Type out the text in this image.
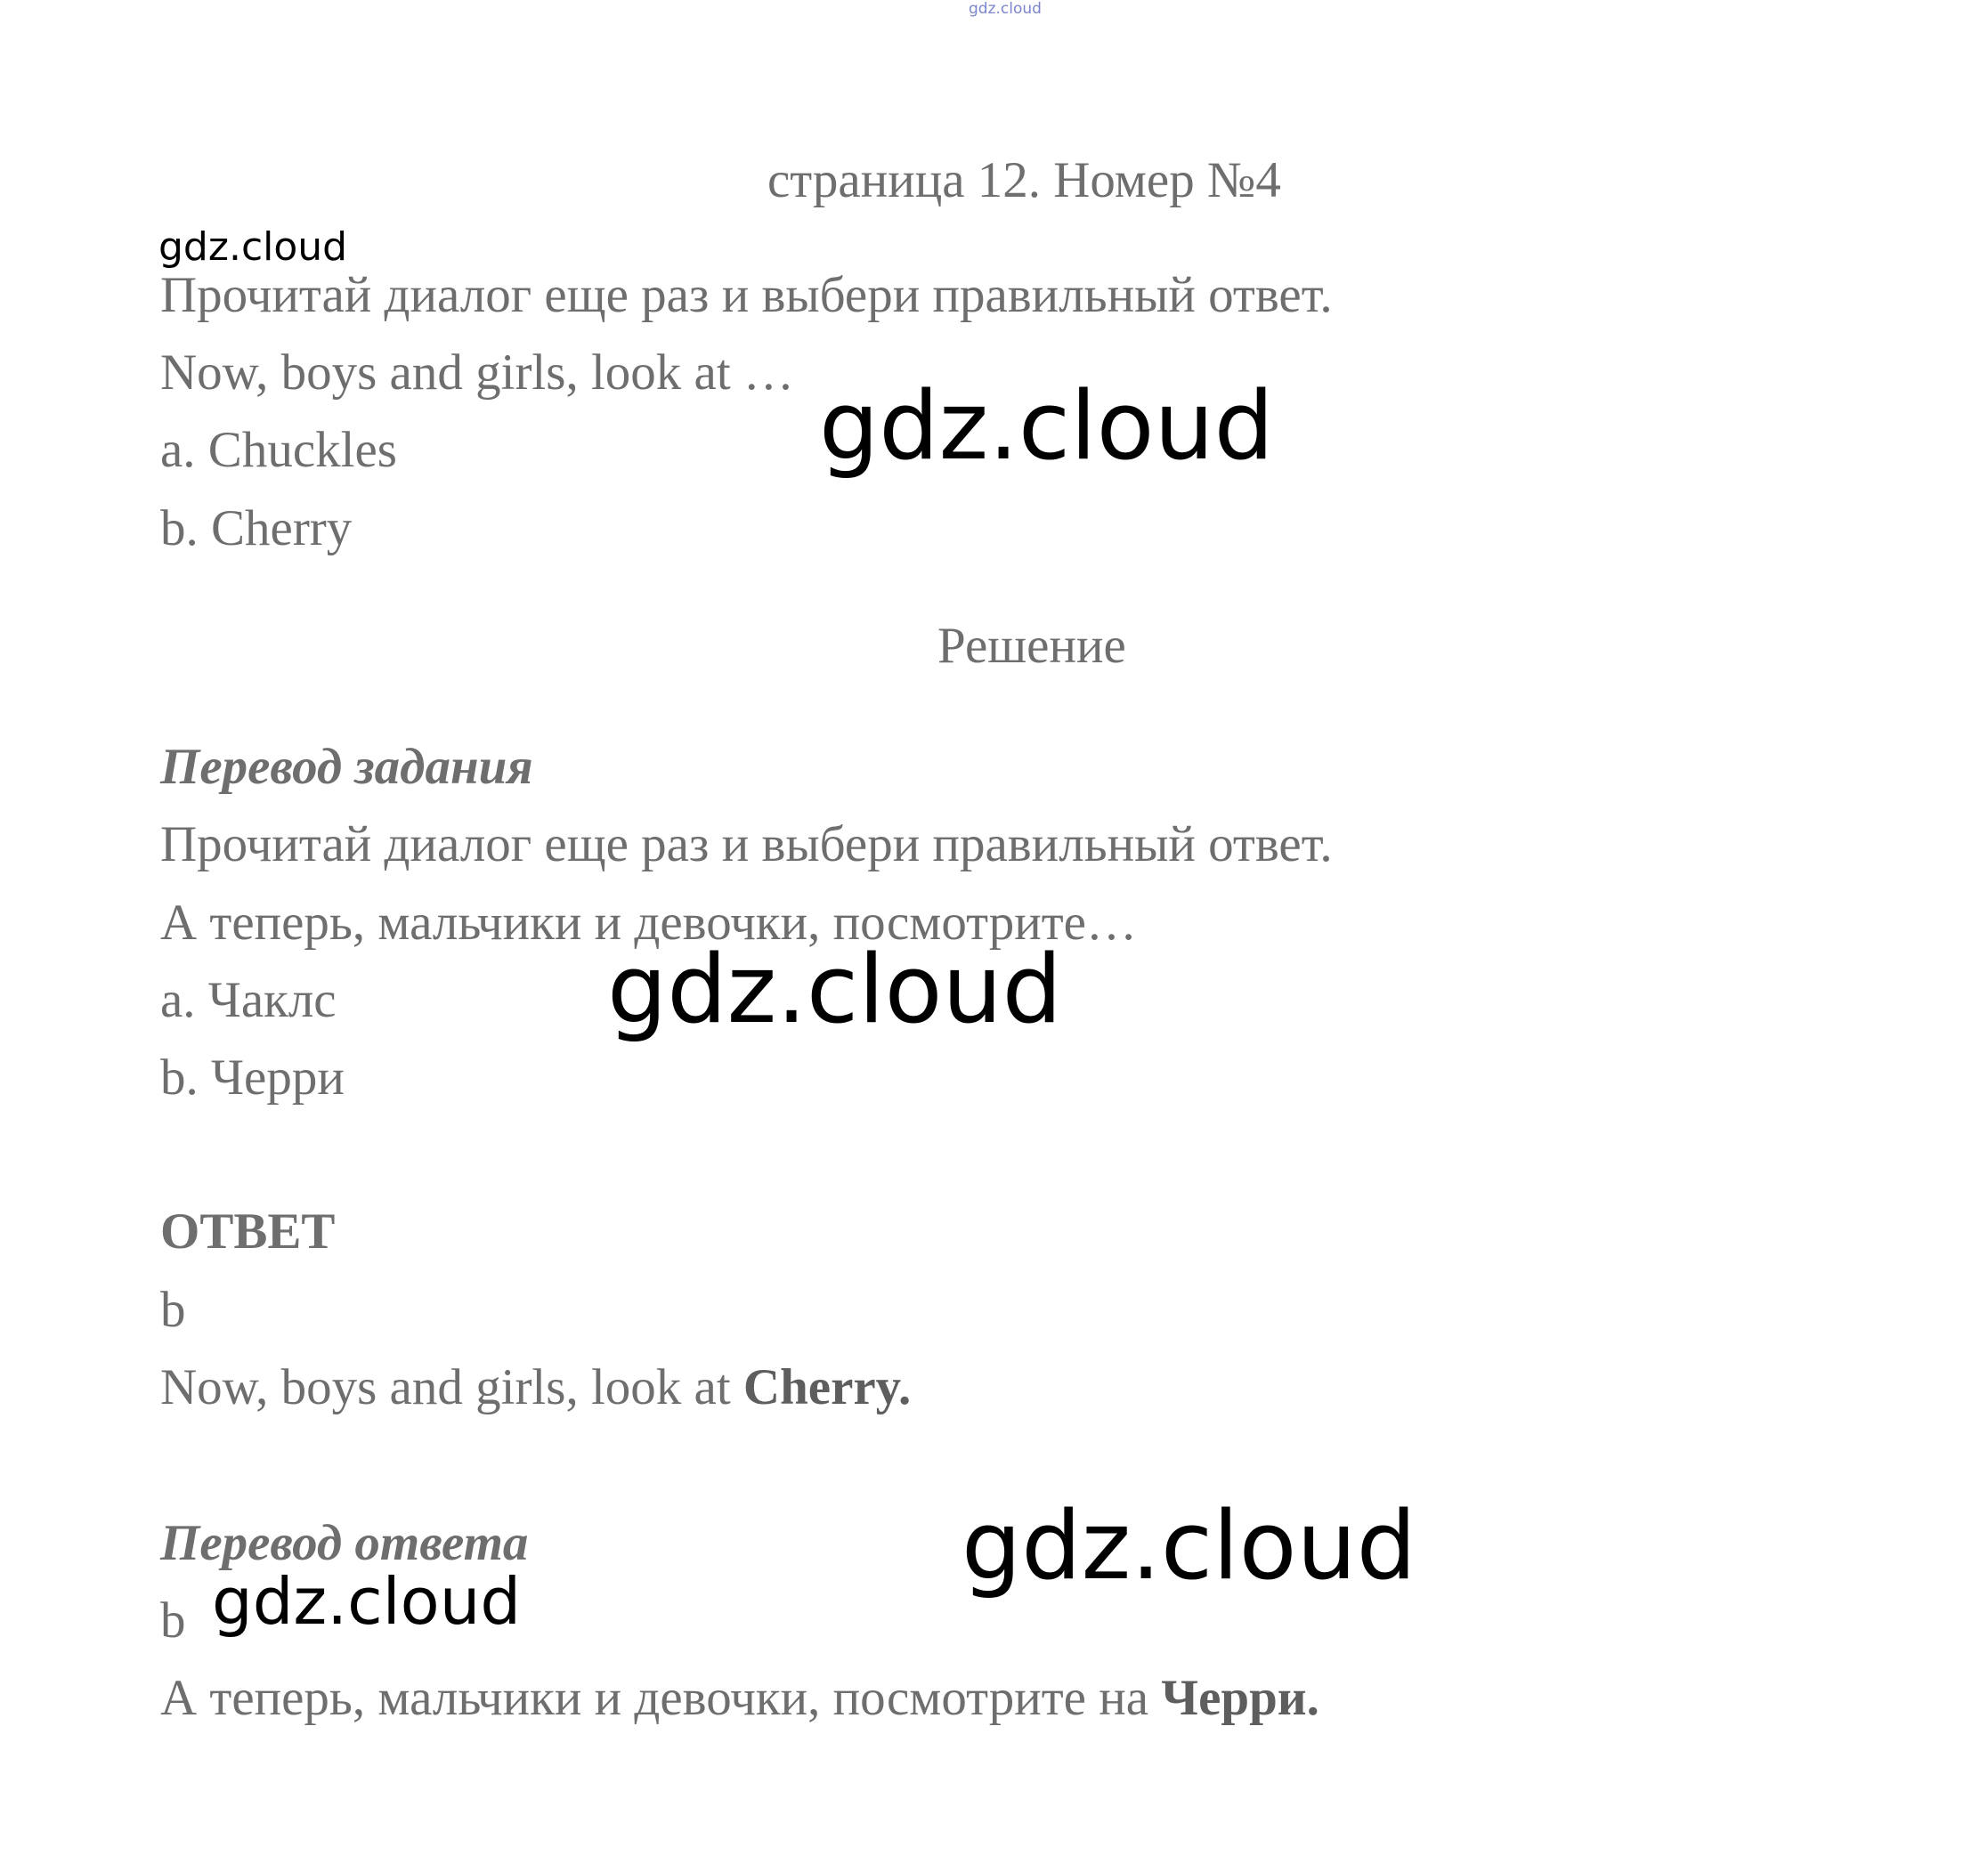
gdz.cloud
страница 12. Номер №4
gdz.cloud
Прочитай диалог еще раз и выбери правильный ответ.
Now, boys and girls, look at … gdz.cloud
a. Chuckles
b. Cherry
Решение
Перевод задания
Прочитай диалог еще раз и выбери правильный ответ.
А теперь, мальчики и девочки, посмотрите…
gdz.cloud
a. Чаклс
b. Черри
ОТВЕТ
b
Now, boys and girls, look at Cherry.
Перевод ответа	gdz.cloud
b gdz.cloud
А теперь, мальчики и девочки, посмотрите на Черри.
